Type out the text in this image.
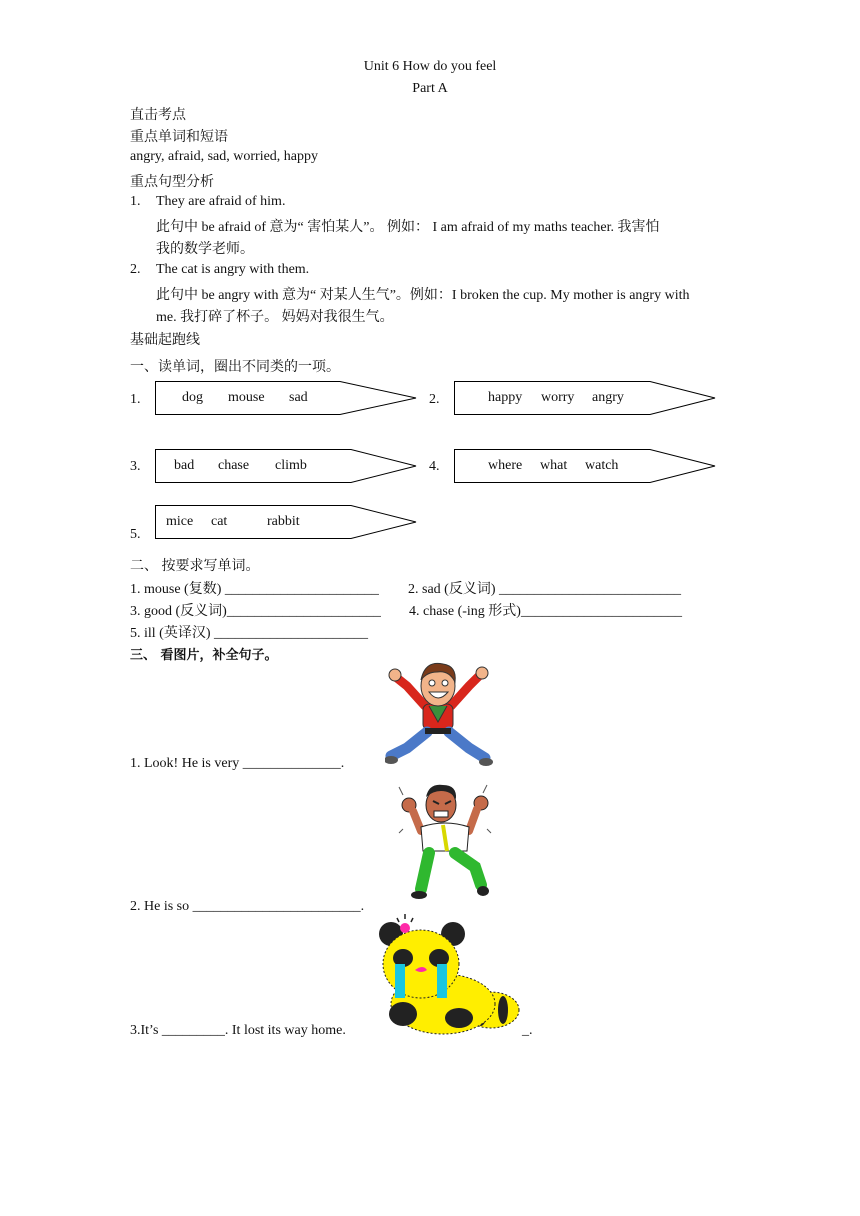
Unit 6 How do you feel
Part A
直击考点
重点单词和短语
angry, afraid, sad, worried, happy
重点句型分析
1. They are afraid of him.
此句中 be afraid of 意为“ 害怕某人”。 例如： I am afraid of my maths teacher. 我害怕
我的数学老师。
2. The cat is angry with them.
此句中 be angry with 意为“ 对某人生气”。例如：I broken the cup. My mother is angry with
me. 我打碎了杯子。 妈妈对我很生气。
基础起跑线
一、读单词，圈出不同类的一项。
1.	dog mouse sad	2.	happy worry angry
3. bad chase climb	4.	where what watch
5.
mice cat	rabbit
二、 按要求写单词。
1. mouse (复数) ______________________ 2. sad (反义词) __________________________
3. good (反义词)______________________ 4. chase (-ing 形式)_______________________
5. ill (英译汉) ______________________
三、 看图片，补全句子。
1. Look! He is very ______________.
2. He is so ________________________.
3.It’s _________. It lost its way home.	_.
